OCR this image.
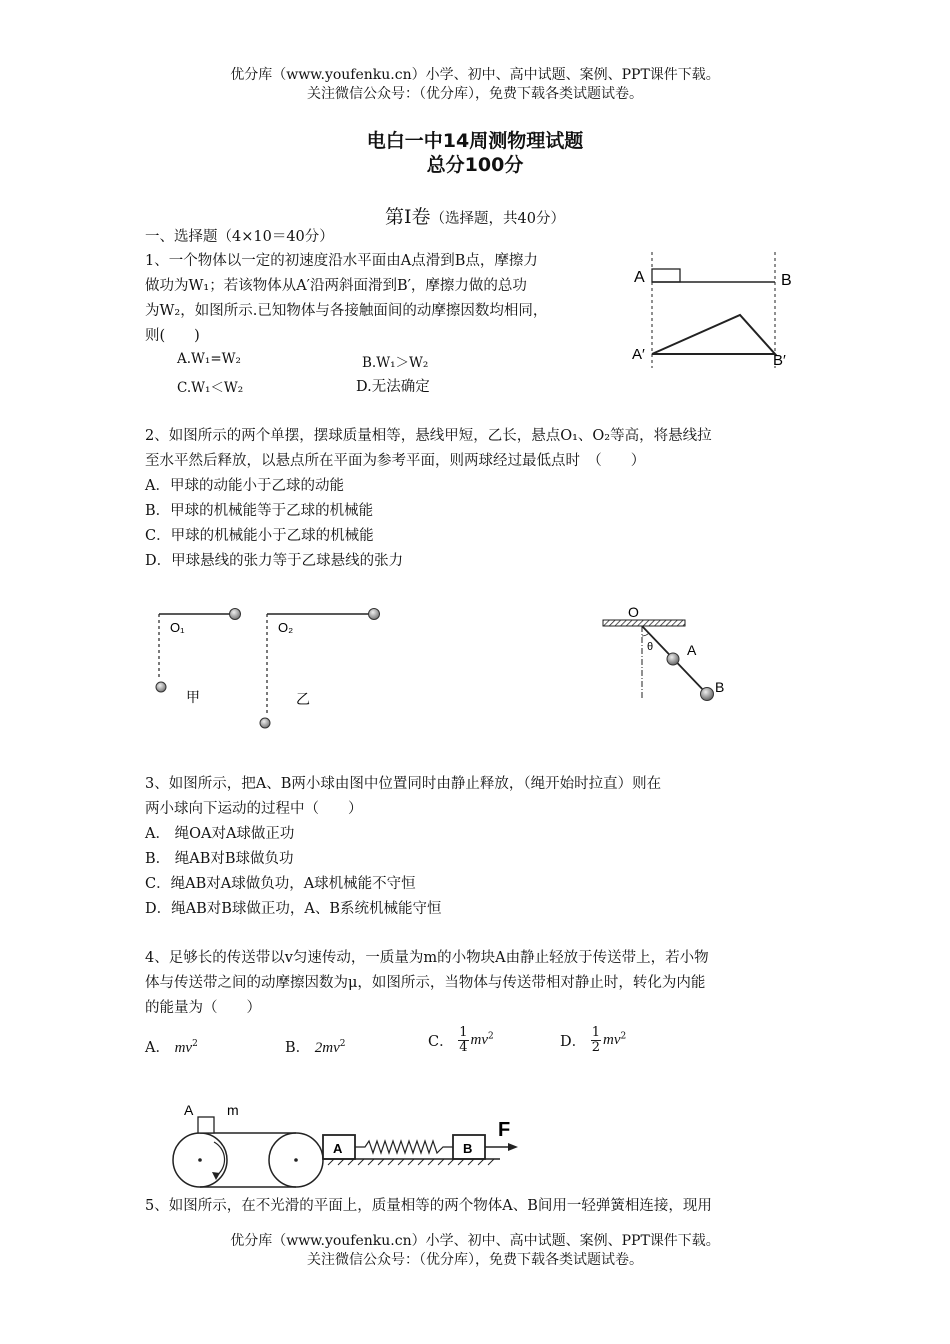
优分库（www.youfenku.cn）小学、初中、高中试题、案例、PPT课件下载。
关注微信公众号：（优分库），免费下载各类试题试卷。
电白一中14周测物理试题
总分100分
第Ⅰ卷（选择题，共40分）
一、选择题（4×10＝40分）
1、一个物体以一定的初速度沿水平面由A点滑到B点，摩擦力
做功为W₁；若该物体从A′沿两斜面滑到B′，摩擦力做的总功
为W₂，如图所示.已知物体与各接触面间的动摩擦因数均相同，
则(　　)
A.W₁=W₂	B.W₁＞W₂
C.W₁＜W₂	D.无法确定
A	B
A′	B′
2、如图所示的两个单摆，摆球质量相等，悬线甲短，乙长，悬点O₁、O₂等高，将悬线拉
至水平然后释放，以悬点所在平面为参考平面，则两球经过最低点时　（　　）
A．甲球的动能小于乙球的动能
B．甲球的机械能等于乙球的机械能
C．甲球的机械能小于乙球的机械能
D．甲球悬线的张力等于乙球悬线的张力
O₁
甲
O₂
乙
O
θ A
B
3、如图所示，把A、B两小球由图中位置同时由静止释放，（绳开始时拉直）则在
两小球向下运动的过程中（　　）
A． 绳OA对A球做正功
B． 绳AB对B球做负功
C．绳AB对A球做负功，A球机械能不守恒
D．绳AB对B球做正功，A、B系统机械能守恒
4、足够长的传送带以v匀速传动，一质量为m的小物块A由静止轻放于传送带上，若小物
体与传送带之间的动摩擦因数为μ，如图所示，当物体与传送带相对静止时，转化为内能
的能量为（　　）
A． $mv^2$	B． $2mv^2$	C． $\frac{1}{4} mv^2$	D． $\frac{1}{2} mv^2$
A m
A	B
F
5、如图所示，在不光滑的平面上，质量相等的两个物体A、B间用一轻弹簧相连接，现用
优分库（www.youfenku.cn）小学、初中、高中试题、案例、PPT课件下载。
关注微信公众号：（优分库），免费下载各类试题试卷。
